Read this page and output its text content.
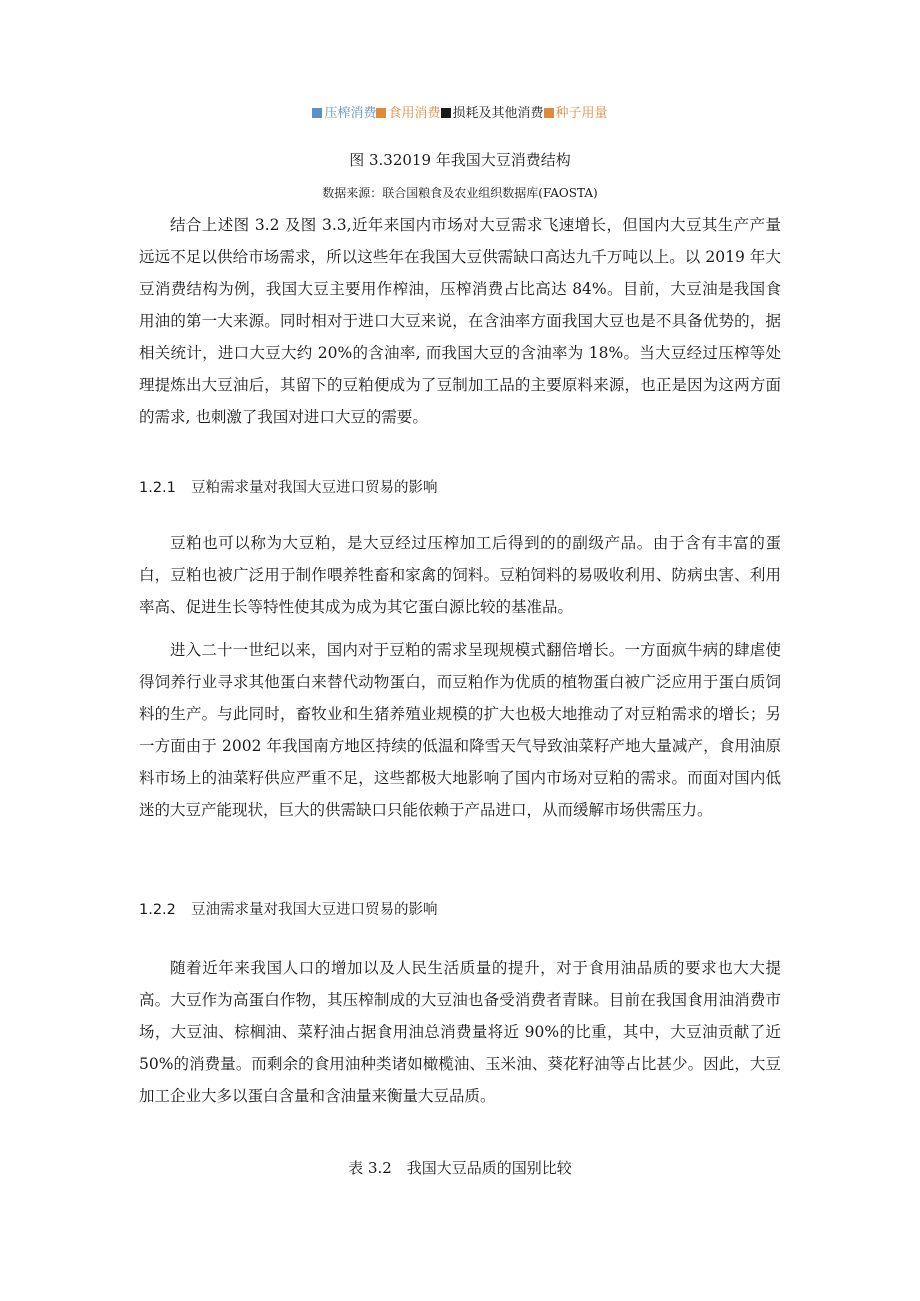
压榨消费 食用消费 损耗及其他消费 种子用量
图 3.32019 年我国大豆消费结构
数据来源：联合国粮食及农业组织数据库(FAOSTA)

结合上述图 3.2 及图 3.3,近年来国内市场对大豆需求飞速增长，但国内大豆其生产产量远远不足以供给市场需求，所以这些年在我国大豆供需缺口高达九千万吨以上。以 2019 年大豆消费结构为例，我国大豆主要用作榨油，压榨消费占比高达 84%。目前，大豆油是我国食用油的第一大来源。同时相对于进口大豆来说，在含油率方面我国大豆也是不具备优势的，据相关统计，进口大豆大约 20%的含油率, 而我国大豆的含油率为 18%。当大豆经过压榨等处理提炼出大豆油后，其留下的豆粕便成为了豆制加工品的主要原料来源，也正是因为这两方面的需求, 也刺激了我国对进口大豆的需要。

1.2.1 豆粕需求量对我国大豆进口贸易的影响

豆粕也可以称为大豆粕，是大豆经过压榨加工后得到的的副级产品。由于含有丰富的蛋白，豆粕也被广泛用于制作喂养牲畜和家禽的饲料。豆粕饲料的易吸收利用、防病虫害、利用率高、促进生长等特性使其成为成为其它蛋白源比较的基准品。

进入二十一世纪以来，国内对于豆粕的需求呈现规模式翻倍增长。一方面疯牛病的肆虐使得饲养行业寻求其他蛋白来替代动物蛋白，而豆粕作为优质的植物蛋白被广泛应用于蛋白质饲料的生产。与此同时，畜牧业和生猪养殖业规模的扩大也极大地推动了对豆粕需求的增长；另一方面由于 2002 年我国南方地区持续的低温和降雪天气导致油菜籽产地大量减产，食用油原料市场上的油菜籽供应严重不足，这些都极大地影响了国内市场对豆粕的需求。而面对国内低迷的大豆产能现状，巨大的供需缺口只能依赖于产品进口，从而缓解市场供需压力。

1.2.2 豆油需求量对我国大豆进口贸易的影响

随着近年来我国人口的增加以及人民生活质量的提升，对于食用油品质的要求也大大提高。大豆作为高蛋白作物，其压榨制成的大豆油也备受消费者青睐。目前在我国食用油消费市场，大豆油、棕榈油、菜籽油占据食用油总消费量将近 90%的比重，其中，大豆油贡献了近 50%的消费量。而剩余的食用油种类诸如橄榄油、玉米油、葵花籽油等占比甚少。因此，大豆加工企业大多以蛋白含量和含油量来衡量大豆品质。

表 3.2　我国大豆品质的国别比较
